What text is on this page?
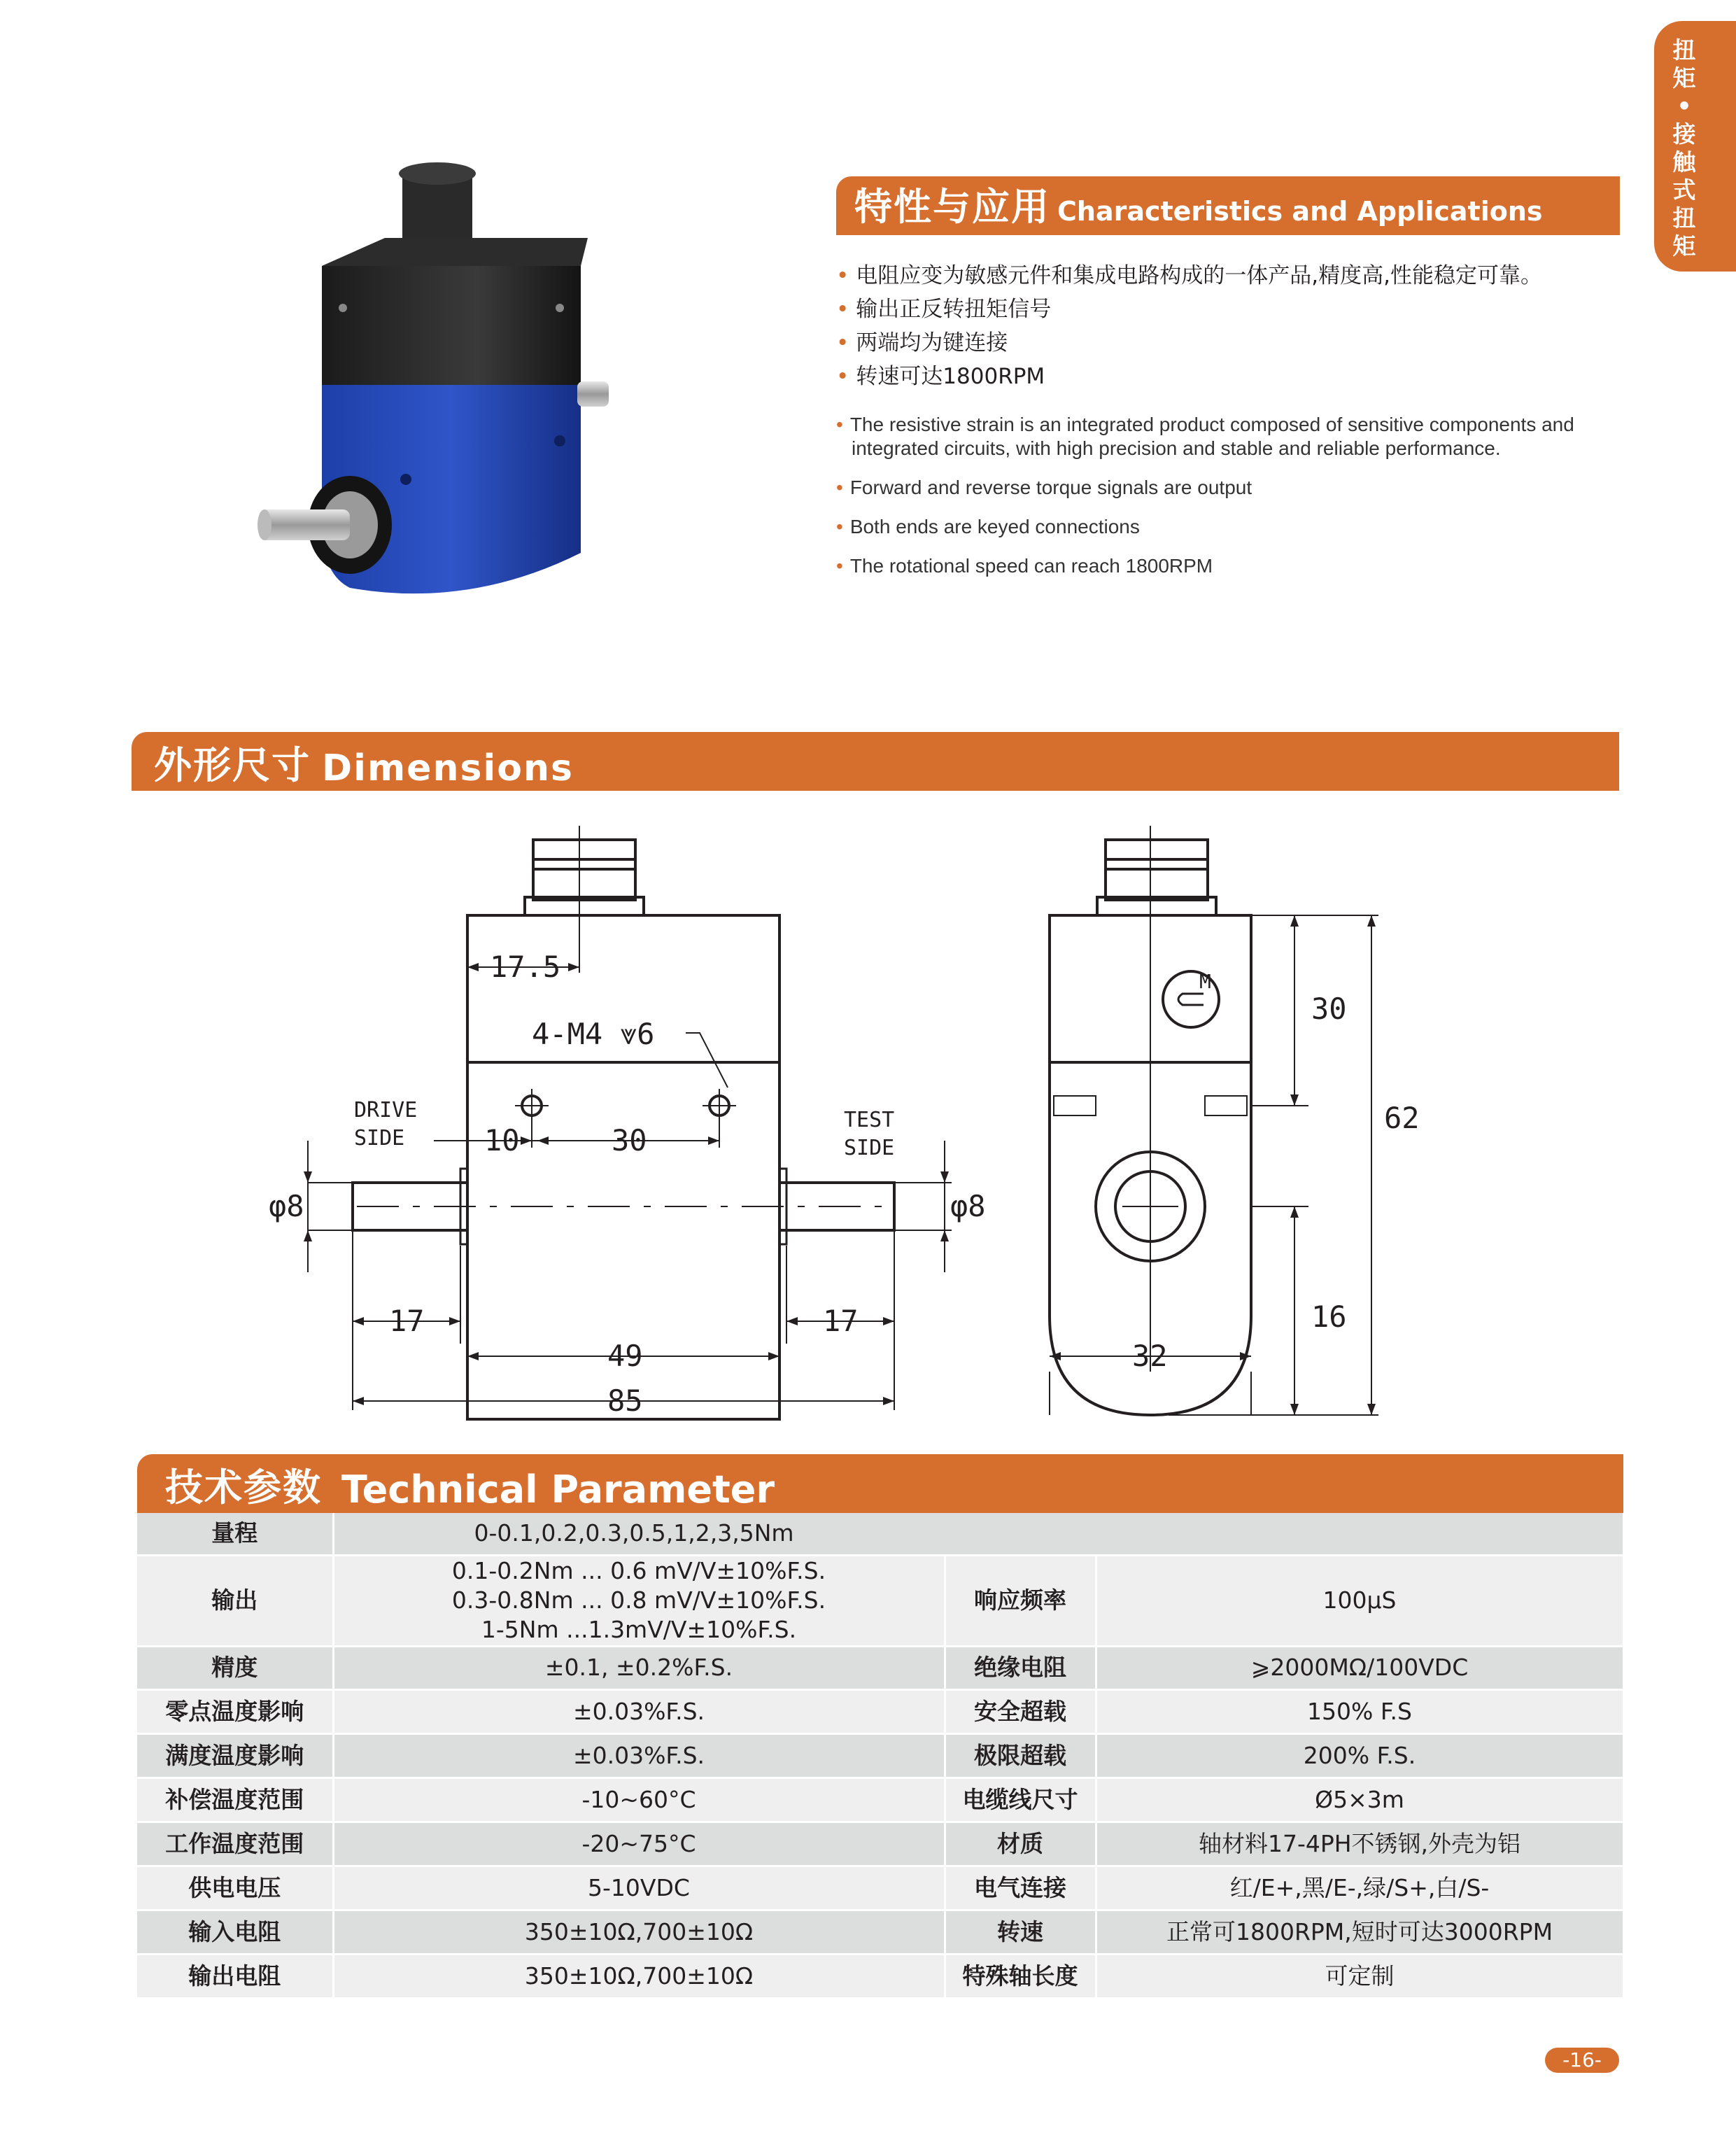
扭矩•接触式扭矩
特性与应用 Characteristics and Applications
• 电阻应变为敏感元件和集成电路构成的一体产品,精度高,性能稳定可靠。
• 输出正反转扭矩信号
• 两端均为键连接
• 转速可达1800RPM
• The resistive strain is an integrated product composed of sensitive components and integrated circuits, with high precision and stable and reliable performance.
• Forward and reverse torque signals are output
• Both ends are keyed connections
• The rotational speed can reach 1800RPM
外形尺寸 Dimensions
17.5
4-M4 ⩔6
DRIVE
SIDE
TEST
SIDE
10	30
φ8	φ8
17	17
49
85
M
30
62
16
32
技术参数 Technical Parameter
量程	0-0.1,0.2,0.3,0.5,1,2,3,5Nm		
输出	0.1-0.2Nm ... 0.6 mV/V±10%F.S.
0.3-0.8Nm ... 0.8 mV/V±10%F.S.
1-5Nm ...1.3mV/V±10%F.S.	响应频率	100µS
精度	±0.1, ±0.2%F.S.	绝缘电阻	⩾2000MΩ/100VDC
零点温度影响	±0.03%F.S.	安全超载	150% F.S
满度温度影响	±0.03%F.S.	极限超载	200% F.S.
补偿温度范围	-10~60°C	电缆线尺寸	Ø5×3m
工作温度范围	-20~75°C	材质	轴材料17-4PH不锈钢,外壳为铝
供电电压	5-10VDC	电气连接	红/E+,黑/E-,绿/S+,白/S-
输入电阻	350±10Ω,700±10Ω	转速	正常可1800RPM,短时可达3000RPM
输出电阻	350±10Ω,700±10Ω	特殊轴长度	可定制
-16-
